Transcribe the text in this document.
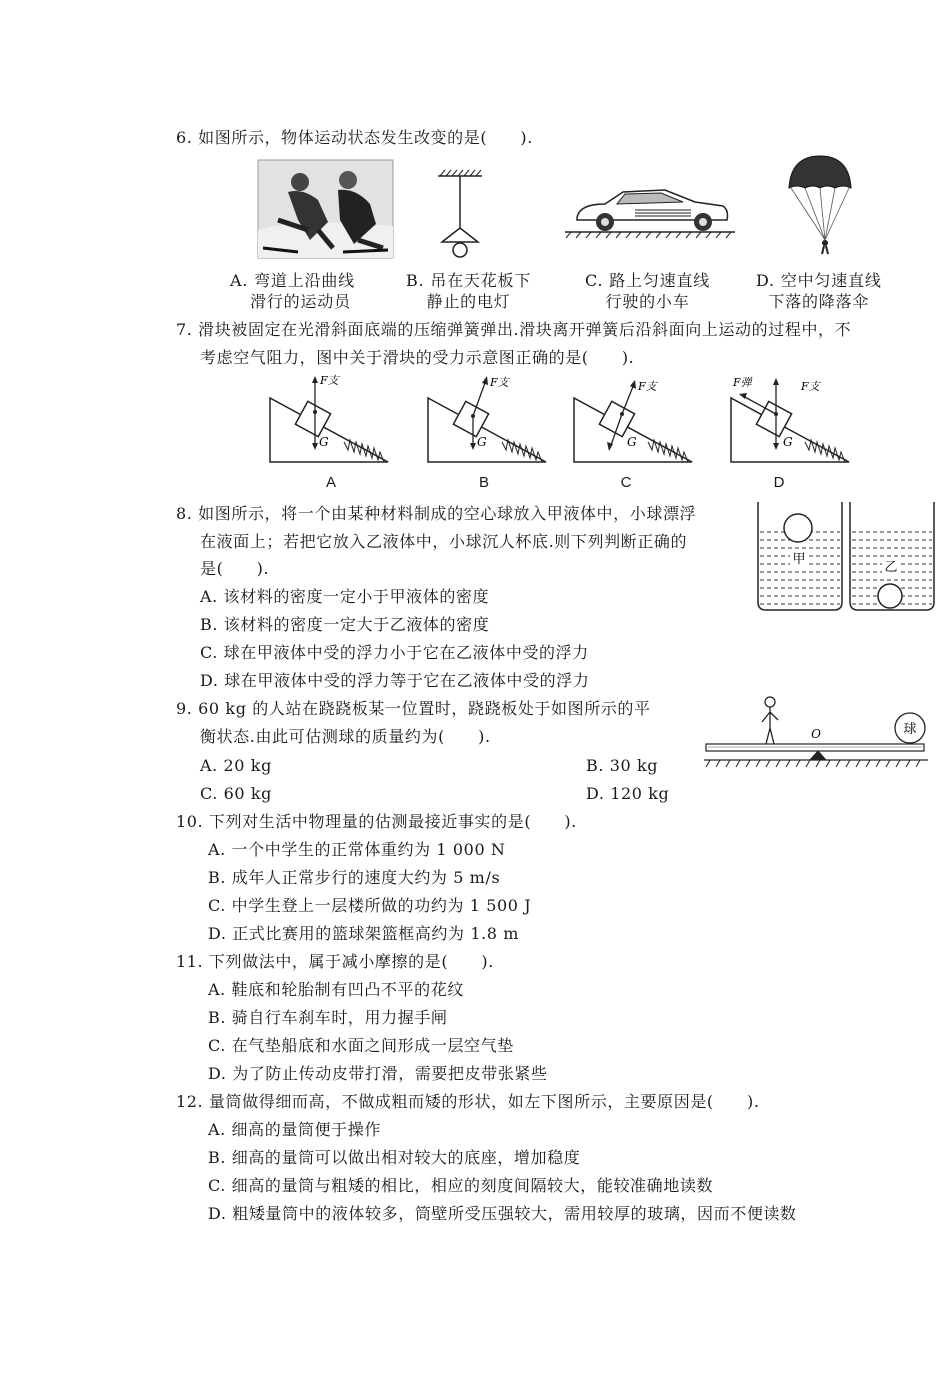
6. 如图所示，物体运动状态发生改变的是(　　).
A. 弯道上沿曲线
滑行的运动员
B. 吊在天花板下
静止的电灯
C. 路上匀速直线
行驶的小车
D. 空中匀速直线
下落的降落伞
7. 滑块被固定在光滑斜面底端的压缩弹簧弹出.滑块离开弹簧后沿斜面向上运动的过程中，不
考虑空气阻力，图中关于滑块的受力示意图正确的是(　　).
F支
G
F支
G
F支
G
F弹	F支
G
A	B	C	D
8. 如图所示，将一个由某种材料制成的空心球放入甲液体中，小球漂浮
在液面上；若把它放入乙液体中，小球沉人杯底.则下列判断正确的
是(　　).
A. 该材料的密度一定小于甲液体的密度
B. 该材料的密度一定大于乙液体的密度
C. 球在甲液体中受的浮力小于它在乙液体中受的浮力
D. 球在甲液体中受的浮力等于它在乙液体中受的浮力
甲
乙
9. 60 kg 的人站在跷跷板某一位置时，跷跷板处于如图所示的平
衡状态.由此可估测球的质量约为(　　).
A. 20 kg	B. 30 kg
C. 60 kg	D. 120 kg
球
O
10. 下列对生活中物理量的估测最接近事实的是(　　).
A. 一个中学生的正常体重约为 1 000 N
B. 成年人正常步行的速度大约为 5 m/s
C. 中学生登上一层楼所做的功约为 1 500 J
D. 正式比赛用的篮球架篮框高约为 1.8 m
11. 下列做法中，属于减小摩擦的是(　　).
A. 鞋底和轮胎制有凹凸不平的花纹
B. 骑自行车刹车时，用力握手闸
C. 在气垫船底和水面之间形成一层空气垫
D. 为了防止传动皮带打滑，需要把皮带张紧些
12. 量筒做得细而高，不做成粗而矮的形状，如左下图所示，主要原因是(　　).
A. 细高的量筒便于操作
B. 细高的量筒可以做出相对较大的底座，增加稳度
C. 细高的量筒与粗矮的相比，相应的刻度间隔较大，能较准确地读数
D. 粗矮量筒中的液体较多，筒壁所受压强较大，需用较厚的玻璃，因而不便读数
